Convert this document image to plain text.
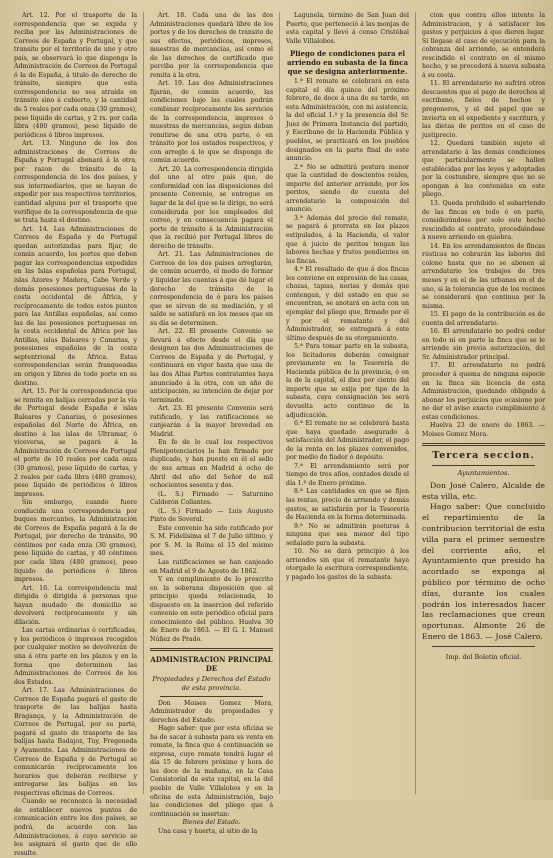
Art. 12. Por el trasporte de la correspondencia que se expida y reciba por las Administraciones de Correos de España y Portugal, y que transite por el territorio de uno y otro país, se observará lo que disponga la Administración de Correos de Portugal ó la de España, á titulo de derecho de tránsito, siempre que esta correspondencia no sea atraída en tránsito sino á cubierto, y la cantidad de 5 reales por cada onza (30 gramos), peso líquido de cartas, y 2 rs. por cada libra (480 gramos), peso líquido de periódicos ó libros impresos.

Art. 13. Ninguno de los dos administraciones de Correos de España y Portugal abonará á la otra, por razon de tránsito de la correspondencia de los dos países, y sus intermediarios, que se hayan de expedir por sus respectivos territorios, cantidad alguna por el trasporte que verifique de la correspondencia de que se trata hasta el destino.

Art. 14. Las Administraciones de Correos de España y de Portugal quedan autorizadas para fijar, de común acuerdo, los portes que deben pagar las correspondencias expedidas en las Islas españolas para Portugal, islas Azores y Madera, Cabo Verde y demás posesiones portuguesas de la costa occidental de África, y recíprocamente de todos estos puntos para las Antillas españolas, así como las de las posesiones portuguesas en la costa occidental de África por las Antillas, islas Baleares y Canarias, y posesiones españolas de la costa septentrional de África. Estas correspondencias serán franqueadas en origen y libres de todo porte en su destino.

Art. 15. Por la correspondencia que se remita en balijas cerradas por la vía de Portugal desde España é islas Baleares y Canarias, ó posesiones españolas del Norte de África, en destino á las islas de Ultramar, ó viceversa, se pagará á la Administración de Correos de Portugal el porte de 10 reales por cada onza (30 gramos), peso líquido de cartas, y 2 reales por cada libra (480 gramos), peso líquido de periódicos ó libros impresos.

Sin embargo, cuando fuere conducida una correspondencia por buques mercantes, la Administración de Correos de España pagará á la de Portugal, por derecho de tránsito, 90 céntimos por cada onza (30 gramos), peso líquido de cartas, y 40 céntimos por cada libra (480 gramos), peso líquido de periódicos ó libros impresos.

Art. 16. La correspondencia mal dirigida ó dirigida á personas que hayan mudado de domicilio se devolverá recíprocamente y sin dilación.

Las cartas ordinarias ó certificadas, y los periódicos ó impresos recogidos por cualquier motivo se devolverán de una á otra parte en los plazos y en la forma que determinen las Administraciones de Correos de los dos Estados.

Art. 17. Las Administraciones de Correos de España pagará el gasto de trasporte de las balijas hasta Bragança, y la Administración de Correos de Portugal, por su parte, pagará el gasto de trasporte de las balijas hasta Badajoz, Tuy, Fregeneda y Ayamonte. Las Administraciones de Correos de España y de Portugal se comunicarán recíprocamente los horarios que deberán recibirse y entregarse las balijas en las respectivas oficinas de Correos.

Cuando se reconozca la necesidad de establecer nuevos puntos de comunicación entre los dos países, se podrá, de acuerdo con las Administraciones, á cuyo servicio se les asignará el gasto que de ello resulte.

Art. 18. Cada una de las dos Administraciones quedará libre de los portes y de los derechos de tránsito de sus efectos, periódicos, impresos, muestras de mercancías, así como el de las derechos de certificado que perciba por la correspondencia que remita á la otra.

Art. 19. Las dos Administraciones fijarán, de común acuerdo, las condiciones bajo las cuales podrán combinar recíprocamente los servicios de la correspondencia, impresos ó muestras de mercancías, según deban remitirse de una otra parte, ó en tránsito por los estados respectivos, y con arreglo á lo que se disponga de común acuerdo.

Art. 20. La correspondencia dirigida del uno al otro país que, de conformidad con las disposiciones del presente Convenio, se entregue en lugar de la del que se le dirige, no será considerada por los empleados del correo, y en consecuencia pagará el porte de tránsito á la Administración que la recibió por Portugal libres de derecho de tránsito.

Art. 21. Las Administraciones de Correos de los dos países arreglarán, de común acuerdo, el modo de formar y liquidar las cuentas á que dé lugar el derecho de tránsito de la correspondencia de ó para los países que se sirvan de su mediación, y el saldo se satisfará en los meses que en su día se determinen.

Art. 22. El presente Convenio se llevará á efecto desde el día que designen las dos Administraciones de Correos de España y de Portugal, y continuará en vigor hasta que una de las dos Altas Partes contratantes haya anunciado á la otra, con un año de anticipación, su intención de dejar por terminado.

Art. 23. El presente Convenio será ratificado, y las ratificaciones se canjearán á la mayor brevedad en Madrid.

En fe de lo cual los respectivos Plenipotenciarios lo han firmado por duplicado, y han puesto en él el sello de sus armas en Madrid á ocho de Abril del año del Señor de mil ochocientos sesenta y dos.

(L. S.) Firmado — Saturnino Calderón Collantes.

(L. S.) Firmado — Luis Augusto Pinto de Soveral.

Este convenio ha sido ratificado por S. M. Fidelísima el 7 de Julio último, y por S. M. la Reina el 15 del mismo mes.

Las ratificaciones se han canjeado en Madrid el 9 de Agosto de 1862.

Y en cumplimiento de lo prescrito en la soberana disposición que al principio queda relacionada, lo dispuesto en la insercion del referido convenio en este periódico oficial para conocimiento del público. Huelva 30 de Enero de 1863. — El G. I. Manuel Núñez de Prado.

ADMINISTRACION PRINCIPAL DE

Propiedades y Derechos del Estado de esta provincia.

Don Moises Gomez Mora, Administrador de propiedades y derechos del Estado.

Hago saber: que por esta oficina se ha de sacar á subasta para su venta en remate, la finca que á continuación se expresa, cuyo remate tendrá lugar el día 15 de febrero próximo y hora de las doce de la mañana, en la Casa Consistorial de esta capital, en la del pueblo de Valle Villalobos y en la oficina de esta Administración, bajo las condiciones del pliego que á continuación se insertan:

Bienes del Estado.

Una casa y huerta, al sitio de la

Lagunela, término de San Juan del Puerto, que perteneció á las monjas de esta capital y llevó á censo Cristóbal Valle Villalobos.

Pliego de condiciones para el arriendo en subasta de la finca que se designa anteriormente.

1.ª El remate se celebrará en esta capital el día quince del próximo febrero, de doce á una de su tarde, en esta Administración, con mi asistencia, la del oficial 1.º y la presencia del Sr. Juez de Primera Instancia del partido, y Escribano de la Hacienda Pública y pueblos, se practicará en los pueblos designados en la parte final de este anuncio.

2.ª No se admitirá postura menor que la cantidad de doscientos reales, importe del anterior arriendo, por los peritos, siendo de cuenta del arrendatario la composición del anuncio.

3.ª Además del precio del remate, se pagará á prorrata en los plazos estipulados, á la Hacienda, el valor que á juicio de peritos tengan las labores hechas y frutos pendientes en las fincas.

4.ª El resultado de que á dos fincas les conviene en expresión de las casas, chozas, tapias, norias y demás que contengan, y del estado en que se encuentran, se anotará en acta con un ejemplar del pliego que, firmado por él y por el rematante y del Administrador, se entregará á este último después de su otorgamiento.

5.ª Para tomar parte en la subasta, los licitadores deberán consignar previamente en la Tesorería de Hacienda pública de la provincia, ó en la de la capital, el diez por ciento del importe que se exija por tipo de la subasta, cuya consignación les será devuelta acto continuo de la adjudicación.

6.ª El remate no se celebrará hasta que haya quedado asegurado á satisfacción del Administrador, el pago de la renta en los plazos convenidos, por medio de fiador ó depósito.

7.ª El arrendamiento será por tiempo de tres años, contados desde el día 1.º de Enero próximo.

8.ª Las cantidades en que se fijen las rentas, precio de arriendo y demás gastos, se satisfarán por la Tesorería de Hacienda en la forma determinada.

9.ª No se admitirán posturas á ninguna que sea menor del tipo señalado para la subasta.

10. No se dará principio á los arriendos sin que el rematante haya otorgado la escritura correspondiente, y pagado los gastos de la subasta.

cion que contra ellos intente la Administracion, y á satisfacer los gastos y perjuicios á que dieren lugar. Si llegase el caso de ejecución para la cobranza del arriendo, se entenderá rescindido el contrato en el mismo hecho, y se procederá á nueva subasta á su costa.

11. El arrendatario no sufrirá otros descuentos que el pago de derechos al escribano, fieles de hechos y pregoneros, y el del papel que se invierta en el expediente y escritura, y las dietas de peritos en el caso de justiprecio.

12. Quedará también sujeto el arrendatario á las demás condiciones que particularmente se hallen establecidas por las leyes y adoptadas por la costumbre, siempre que no se opongan á las contenidas en este pliego.

13. Queda prohibido el subarriendo de las fincas en todo ó en parte, considerándose por solo este hecho rescindido el contrato, procediéndose á nuevo arriendo en quiebra.

14. En los arrendamientos de fincas rústicas no cobrarán las labores del colono hasta que no se abonen al arrendatario los trabajos de tres meses y en el de las urbanas en el de uno, si la tolerancia que de los vecinos se considerará que continua por la misma.

15. El pago de la contribución es de cuenta del arrendatario.

16. El arrendatario no podrá ceder en todo ni en parte la finca que se le arriende sin previa autorización, del Sr. Administrador principal.

17. El arrendatario no podrá proceder á quema de ninguna especie en la finca sin licencia de esta Administración, quedando obligado á abonar los perjuicios que ocasione por no dar el aviso exacto cumplimiento á estas condiciones.

Huelva 23 de enero de 1863. — Moises Gomez Mora.

Tercera seccion.

Ayuntamientos.

Don José Calero, Alcalde de esta villa, etc.

Hago saber: Que concluido el repartimiento de la contribucion territorial de esta villa para el primer semestre del corriente año, el Ayuntamiento que presido ha acordado se exponga al público por término de ocho días, durante los cuales podrán los interesados hacer las reclamaciones que crean oportunas. Almonte 26 de Enero de 1863. — José Calero.

Imp. del Boletín oficial.
